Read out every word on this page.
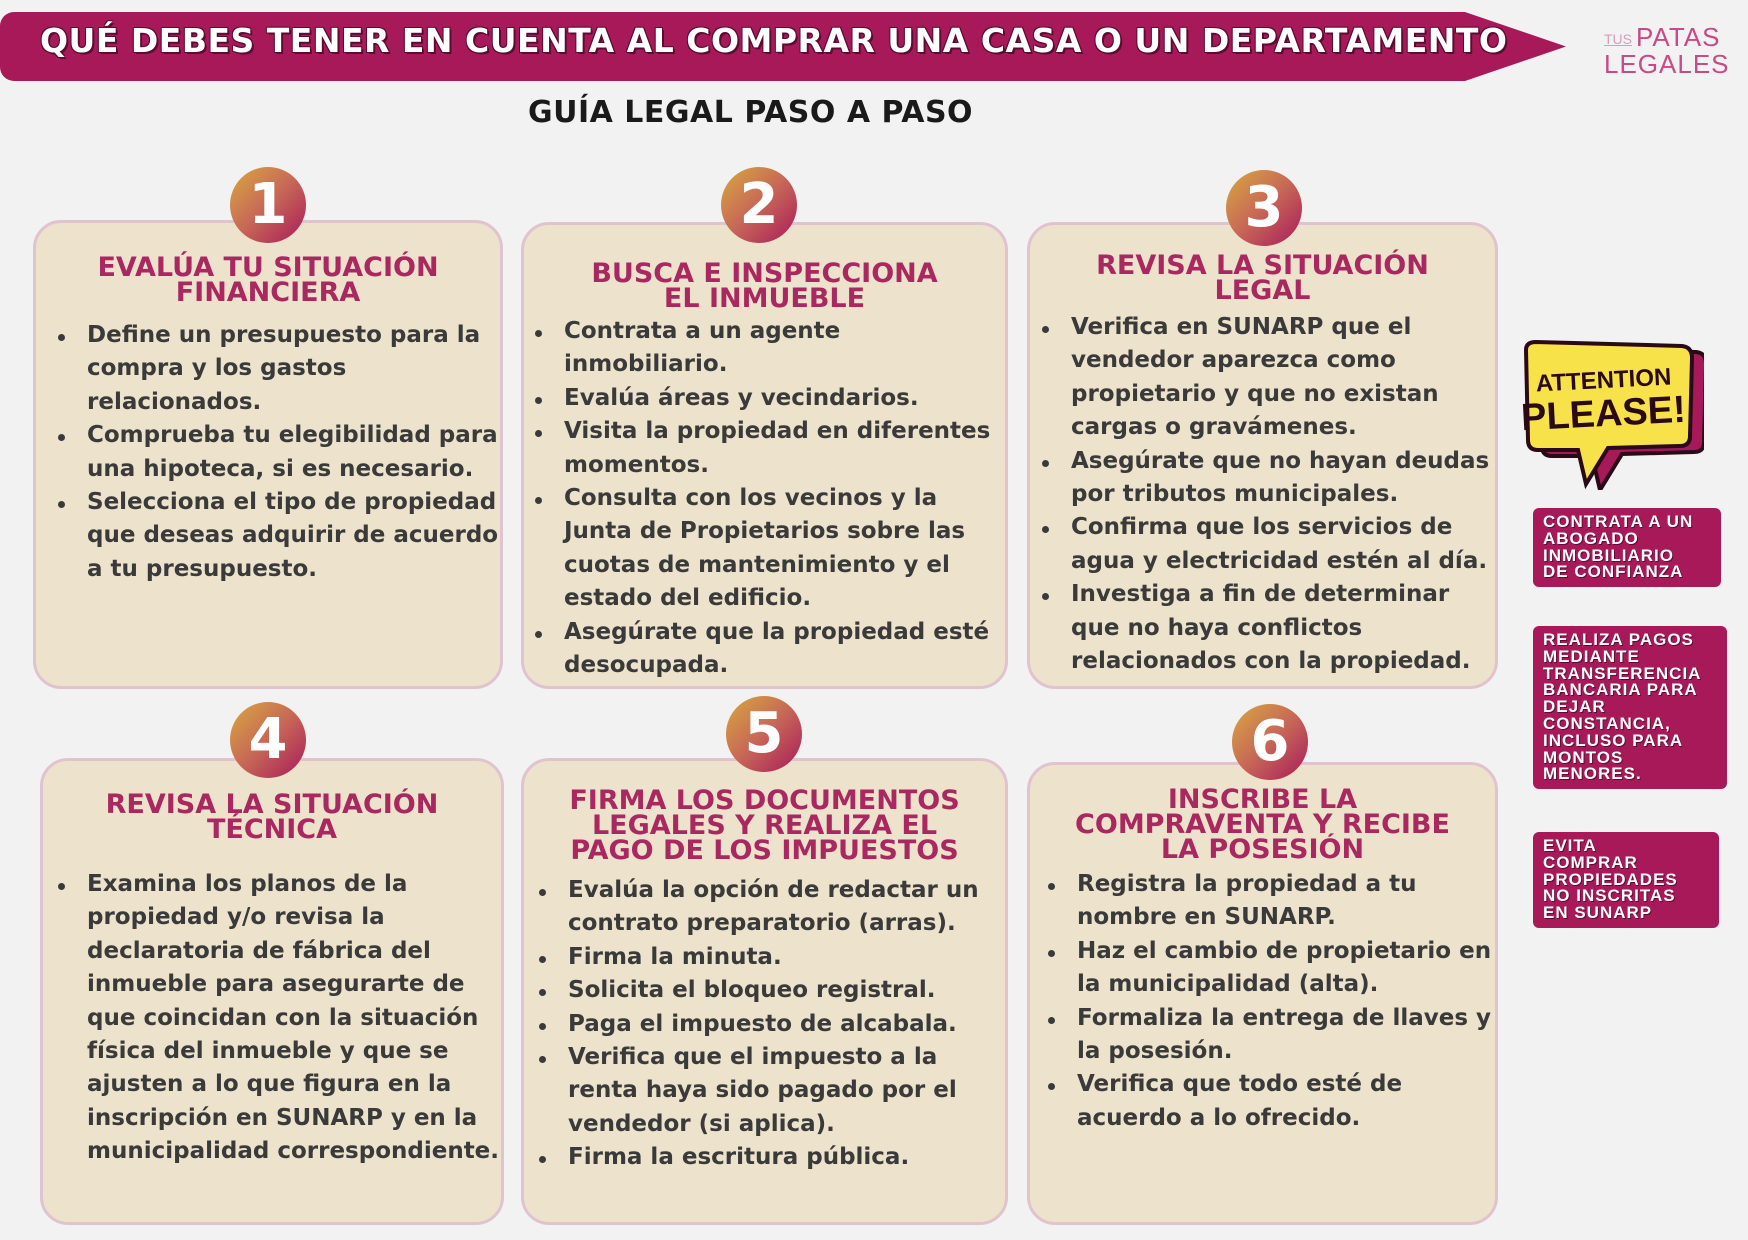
QUÉ DEBES TENER EN CUENTA AL COMPRAR UNA CASA O UN DEPARTAMENTO	TUS PATAS
LEGALES
GUÍA LEGAL PASO A PASO
EVALÚA TU SITUACIÓN
FINANCIERA
Define un presupuesto para la compra y los gastos relacionados.
Comprueba tu elegibilidad para una hipoteca, si es necesario.
Selecciona el tipo de propiedad que deseas adquirir de acuerdo a tu presupuesto.
1
BUSCA E INSPECCIONA
EL INMUEBLE
Contrata a un agente inmobiliario.
Evalúa áreas y vecindarios.
Visita la propiedad en diferentes momentos.
Consulta con los vecinos y la Junta de Propietarios sobre las cuotas de mantenimiento y el estado del edificio.
Asegúrate que la propiedad esté desocupada.
2
REVISA LA SITUACIÓN
LEGAL
Verifica en SUNARP que el vendedor aparezca como propietario y que no existan cargas o gravámenes.
Asegúrate que no hayan deudas por tributos municipales.
Confirma que los servicios de agua y electricidad estén al día.
Investiga a fin de determinar que no haya conflictos relacionados con la propiedad.
3
REVISA LA SITUACIÓN
TÉCNICA
Examina los planos de la propiedad y/o revisa la declaratoria de fábrica del inmueble para asegurarte de que coincidan con la situación física del inmueble y que se ajusten a lo que figura en la inscripción en SUNARP y en la municipalidad correspondiente.
4
FIRMA LOS DOCUMENTOS
LEGALES Y REALIZA EL
PAGO DE LOS IMPUESTOS
Evalúa la opción de redactar un contrato preparatorio (arras).
Firma la minuta.
Solicita el bloqueo registral.
Paga el impuesto de alcabala.
Verifica que el impuesto a la renta haya sido pagado por el vendedor (si aplica).
Firma la escritura pública.
5
INSCRIBE LA
COMPRAVENTA Y RECIBE
LA POSESIÓN
Registra la propiedad a tu nombre en SUNARP.
Haz el cambio de propietario en la municipalidad (alta).
Formaliza la entrega de llaves y la posesión.
Verifica que todo esté de acuerdo a lo ofrecido.
6
ATTENTION
PLEASE!
CONTRATA A UN
ABOGADO
INMOBILIARIO
DE CONFIANZA
REALIZA PAGOS
MEDIANTE
TRANSFERENCIA
BANCARIA PARA
DEJAR
CONSTANCIA,
INCLUSO PARA
MONTOS
MENORES.
EVITA
COMPRAR
PROPIEDADES
NO INSCRITAS
EN SUNARP
